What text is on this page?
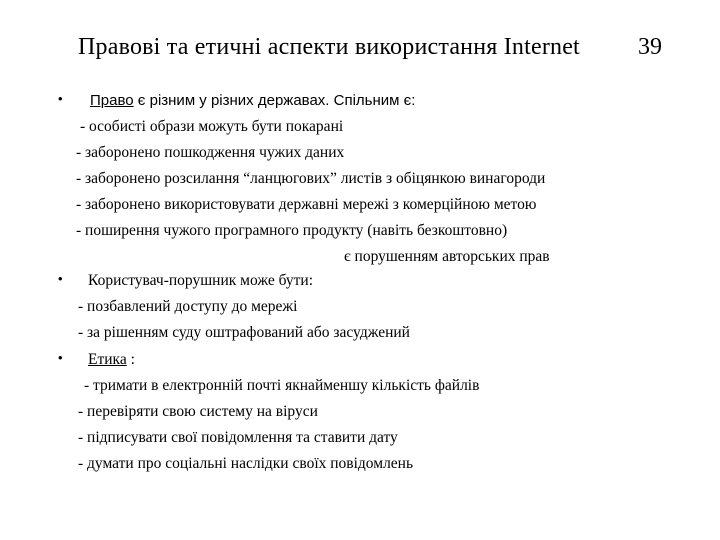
Правові та етичні аспекти використання Internet 39
• Право є різним у різних державах. Спільним є:
- особисті образи можуть бути покарані
- заборонено пошкодження чужих даних
- заборонено розсилання “ланцюгових” листів з обіцянкою винагороди
- заборонено використовувати державні мережі з комерційною метою
- поширення чужого програмного продукту (навіть безкоштовно)
є порушенням авторських прав
• Користувач-порушник може бути:
- позбавлений доступу до мережі
- за рішенням суду оштрафований або засуджений
• Етика :
- тримати в електронній почті якнайменшу кількість файлів
- перевіряти свою систему на віруси
- підписувати свої повідомлення та ставити дату
- думати про соціальні наслідки своїх повідомлень
